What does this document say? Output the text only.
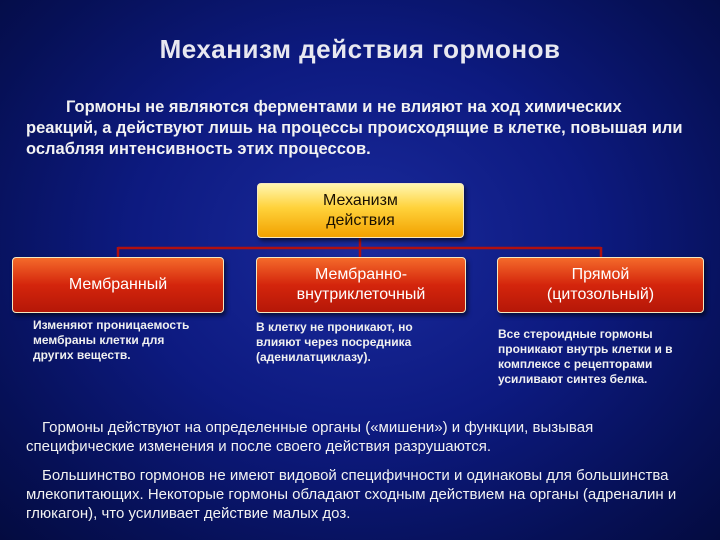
Механизм действия гормонов
Гормоны не являются ферментами и не влияют на ход химических реакций, а действуют лишь на процессы происходящие в клетке, повышая или ослабляя интенсивность этих процессов.
Механизм
действия
Мембранный
Мембранно-
внутриклеточный
Прямой
(цитозольный)
Изменяют проницаемость мембраны клетки для других веществ.
В клетку не проникают, но влияют через посредника (аденилатциклазу).
Все стероидные гормоны проникают внутрь клетки и в комплексе с рецепторами усиливают синтез белка.
Гормоны действуют на определенные органы («мишени») и функции, вызывая специфические изменения и после своего действия разрушаются.
Большинство гормонов не имеют видовой специфичности и одинаковы для большинства млекопитающих. Некоторые гормоны обладают сходным действием на органы (адреналин и глюкагон), что усиливает действие малых доз.
